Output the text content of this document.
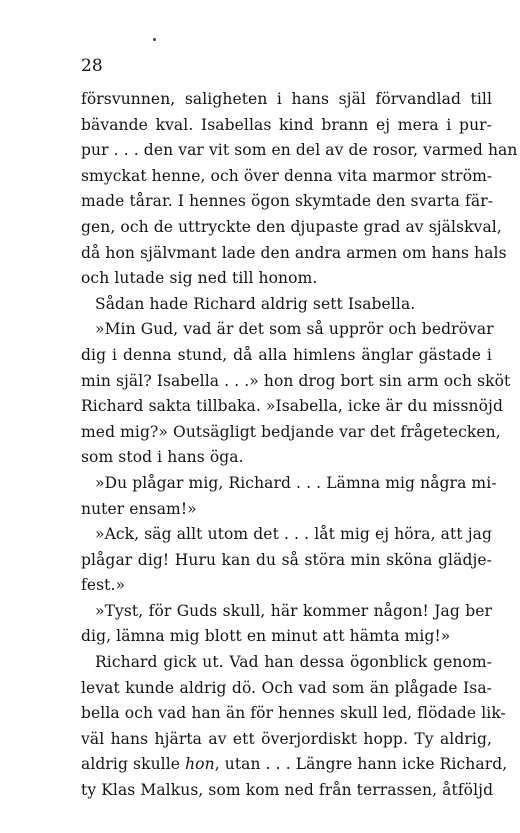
28
försvunnen, saligheten i hans själ förvandlad till
bävande kval. Isabellas kind brann ej mera i pur-
pur . . . den var vit som en del av de rosor, varmed han
smyckat henne, och över denna vita marmor ström-
made tårar. I hennes ögon skymtade den svarta fär-
gen, och de uttryckte den djupaste grad av själskval,
då hon självmant lade den andra armen om hans hals
och lutade sig ned till honom.
Sådan hade Richard aldrig sett Isabella.
»Min Gud, vad är det som så upprör och bedrövar
dig i denna stund, då alla himlens änglar gästade i
min själ? Isabella . . .» hon drog bort sin arm och sköt
Richard sakta tillbaka. »Isabella, icke är du missnöjd
med mig?» Outsägligt bedjande var det frågetecken,
som stod i hans öga.
»Du plågar mig, Richard . . . Lämna mig några mi-
nuter ensam!»
»Ack, säg allt utom det . . . låt mig ej höra, att jag
plågar dig! Huru kan du så störa min sköna glädje-
fest.»
»Tyst, för Guds skull, här kommer någon! Jag ber
dig, lämna mig blott en minut att hämta mig!»
Richard gick ut. Vad han dessa ögonblick genom-
levat kunde aldrig dö. Och vad som än plågade Isa-
bella och vad han än för hennes skull led, flödade lik-
väl hans hjärta av ett överjordiskt hopp. Ty aldrig,
aldrig skulle hon, utan . . . Längre hann icke Richard,
ty Klas Malkus, som kom ned från terrassen, åtföljd
